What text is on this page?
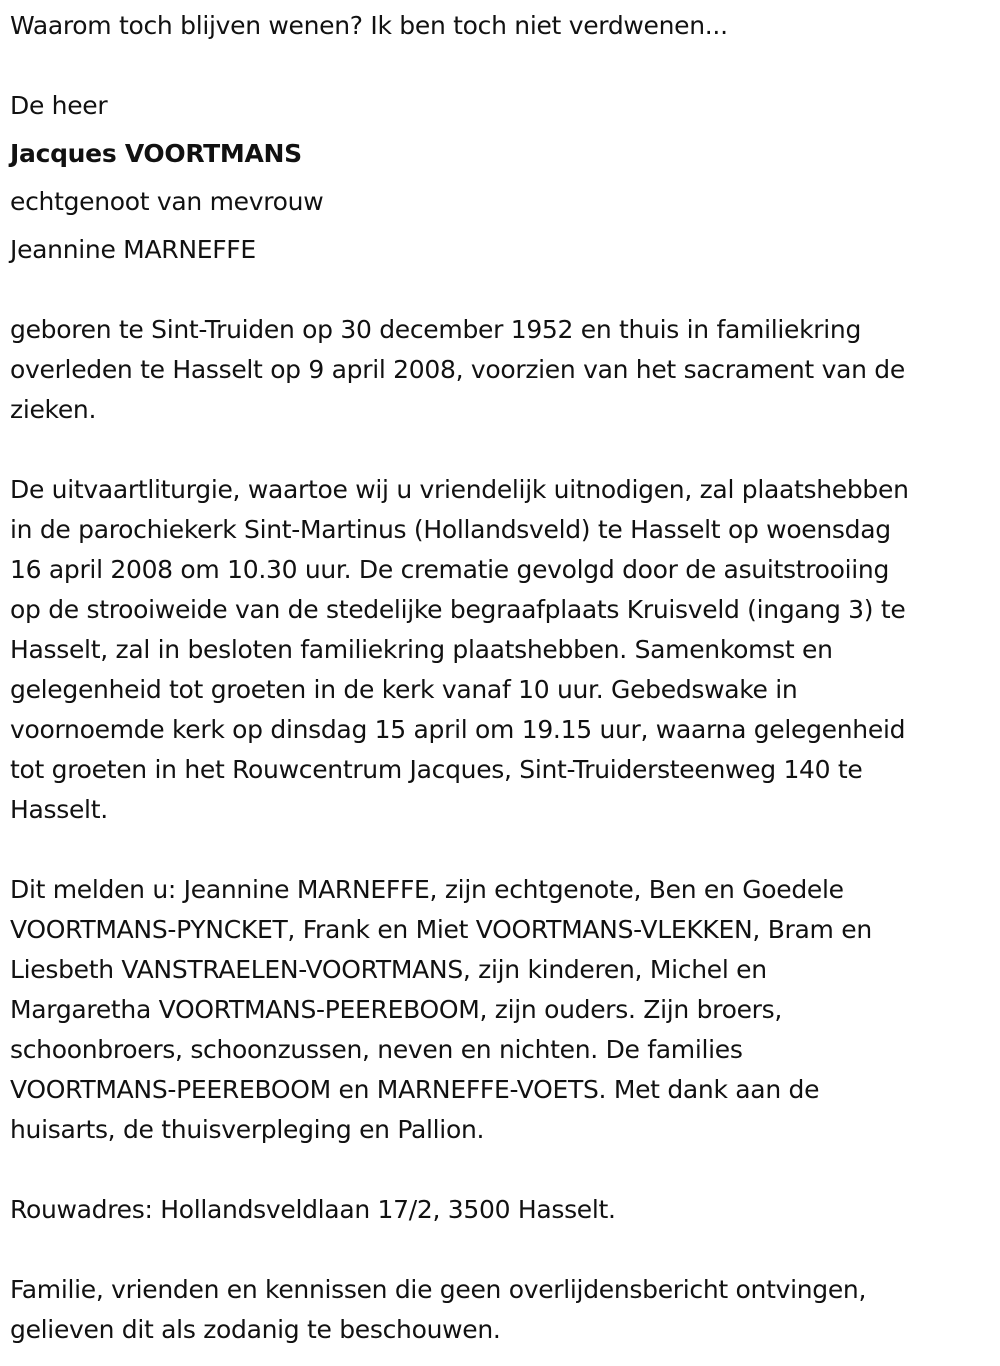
Waarom toch blijven wenen? Ik ben toch niet verdwenen...

De heer

Jacques VOORTMANS

echtgenoot van mevrouw

Jeannine MARNEFFE

geboren te Sint-Truiden op 30 december 1952 en thuis in familiekring
overleden te Hasselt op 9 april 2008, voorzien van het sacrament van de
zieken.

De uitvaartliturgie, waartoe wij u vriendelijk uitnodigen, zal plaatshebben
in de parochiekerk Sint-Martinus (Hollandsveld) te Hasselt op woensdag
16 april 2008 om 10.30 uur. De crematie gevolgd door de asuitstrooiing
op de strooiweide van de stedelijke begraafplaats Kruisveld (ingang 3) te
Hasselt, zal in besloten familiekring plaatshebben. Samenkomst en
gelegenheid tot groeten in de kerk vanaf 10 uur. Gebedswake in
voornoemde kerk op dinsdag 15 april om 19.15 uur, waarna gelegenheid
tot groeten in het Rouwcentrum Jacques, Sint-Truidersteenweg 140 te
Hasselt.

Dit melden u: Jeannine MARNEFFE, zijn echtgenote, Ben en Goedele
VOORTMANS-PYNCKET, Frank en Miet VOORTMANS-VLEKKEN, Bram en
Liesbeth VANSTRAELEN-VOORTMANS, zijn kinderen, Michel en
Margaretha VOORTMANS-PEEREBOOM, zijn ouders. Zijn broers,
schoonbroers, schoonzussen, neven en nichten. De families
VOORTMANS-PEEREBOOM en MARNEFFE-VOETS. Met dank aan de
huisarts, de thuisverpleging en Pallion.

Rouwadres: Hollandsveldlaan 17/2, 3500 Hasselt.

Familie, vrienden en kennissen die geen overlijdensbericht ontvingen,
gelieven dit als zodanig te beschouwen.
